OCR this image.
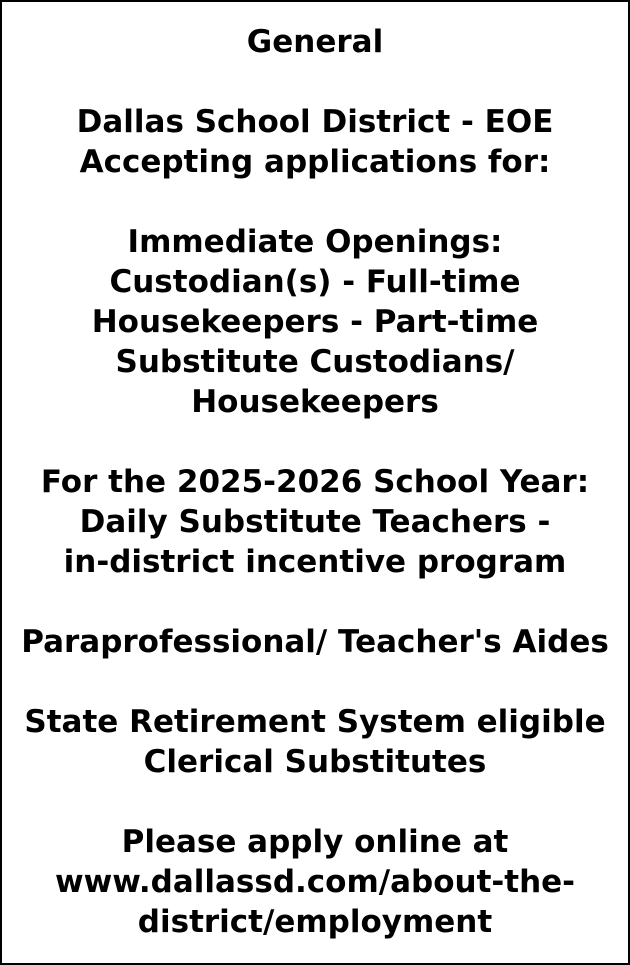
General
Dallas School District - EOE
Accepting applications for:
Immediate Openings:
Custodian(s) - Full-time
Housekeepers - Part-time
Substitute Custodians/
Housekeepers
For the 2025-2026 School Year:
Daily Substitute Teachers -
in-district incentive program
Paraprofessional/ Teacher's Aides
State Retirement System eligible
Clerical Substitutes
Please apply online at
www.dallassd.com/about-the-
district/employment
